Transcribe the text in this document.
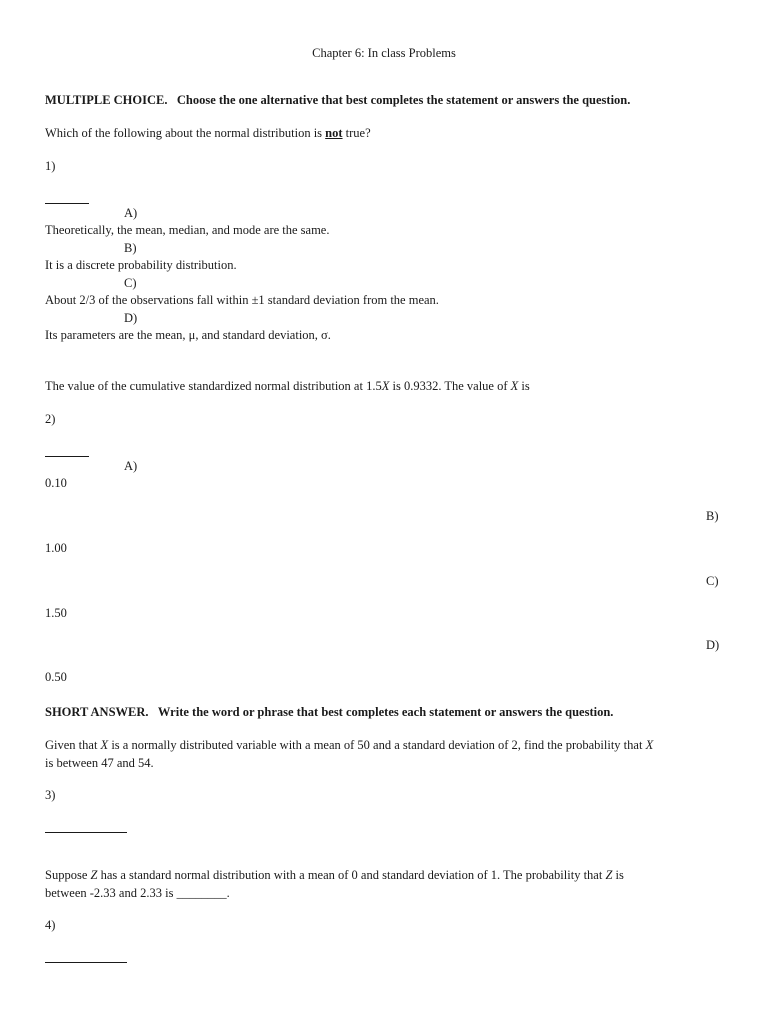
Chapter 6: In class Problems
MULTIPLE CHOICE. Choose the one alternative that best completes the statement or answers the question.
Which of the following about the normal distribution is not true?
1)
A)
Theoretically, the mean, median, and mode are the same.
B)
It is a discrete probability distribution.
C)
About 2/3 of the observations fall within ±1 standard deviation from the mean.
D)
Its parameters are the mean, μ, and standard deviation, σ.
The value of the cumulative standardized normal distribution at 1.5X is 0.9332. The value of X is
2)
A)
0.10
B)
1.00
C)
1.50
D)
0.50
SHORT ANSWER. Write the word or phrase that best completes each statement or answers the question.
Given that X is a normally distributed variable with a mean of 50 and a standard deviation of 2, find the probability that X
is between 47 and 54.
3)
Suppose Z has a standard normal distribution with a mean of 0 and standard deviation of 1. The probability that Z is
between -2.33 and 2.33 is ________.
4)
